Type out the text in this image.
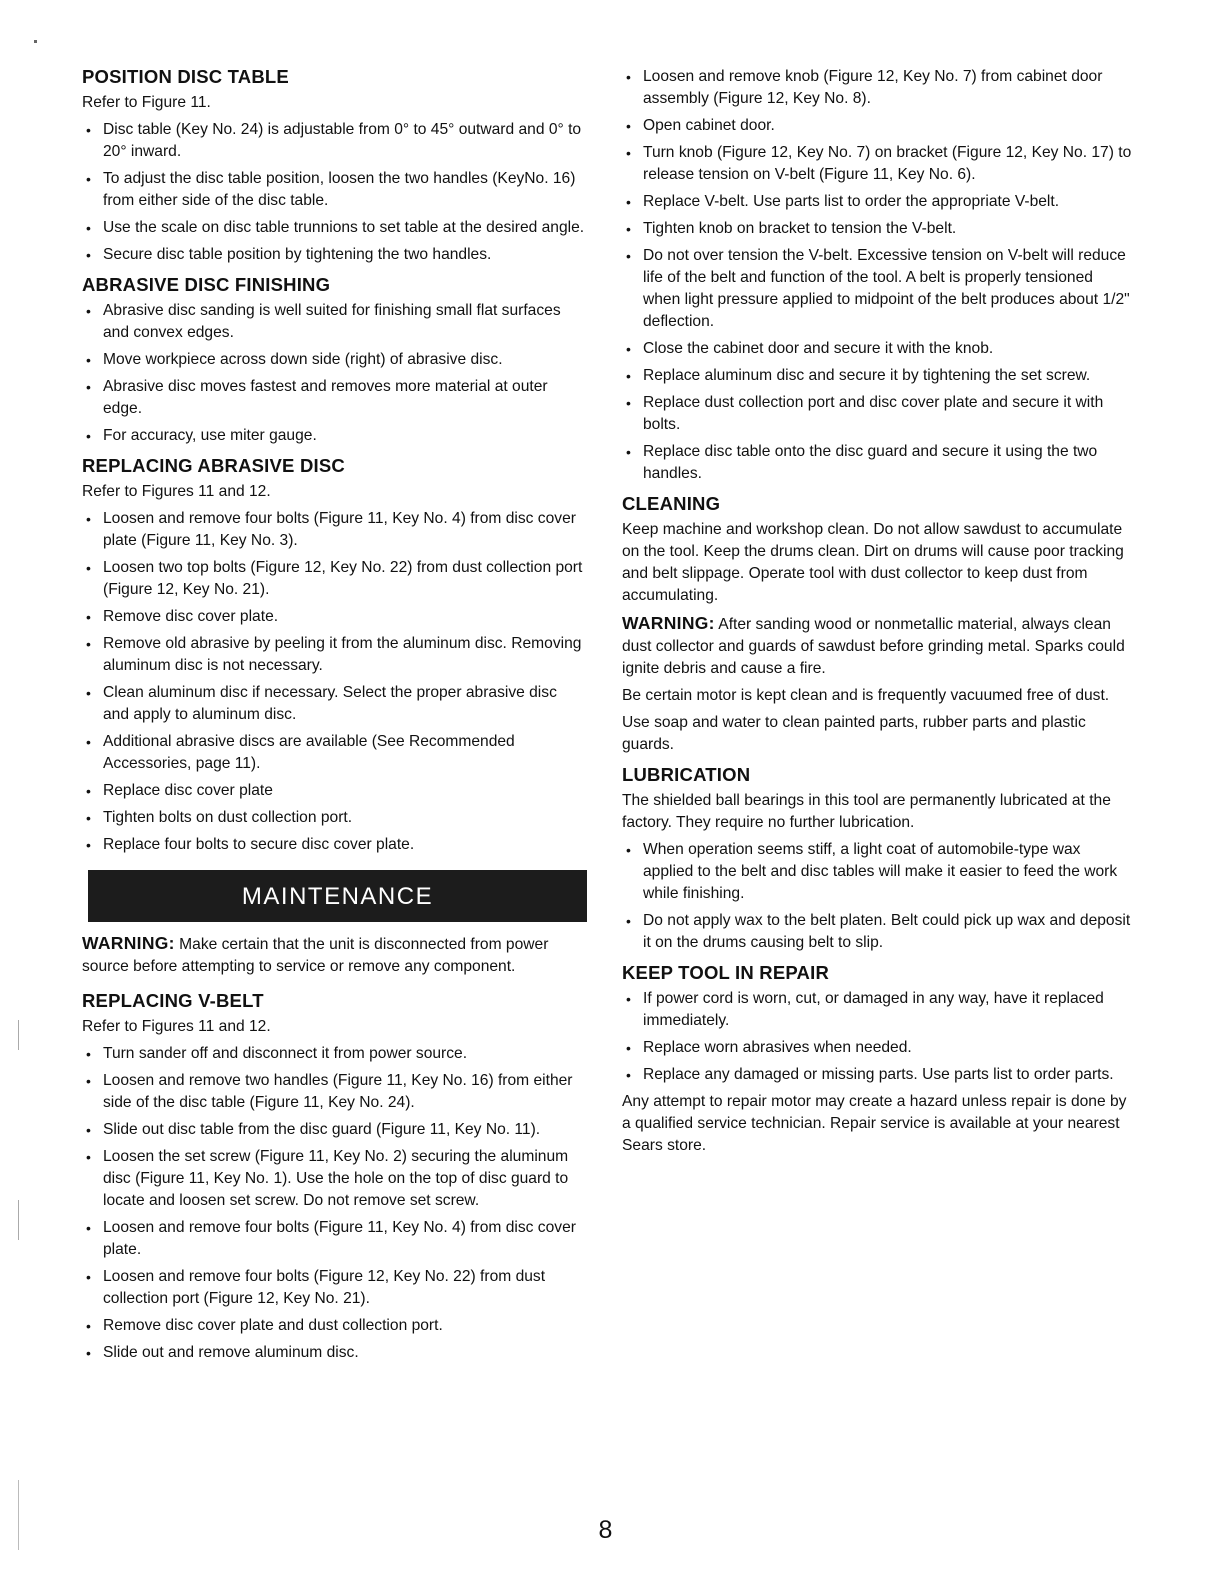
POSITION DISC TABLE

Refer to Figure 11.

• Disc table (Key No. 24) is adjustable from 0° to 45° outward and 0° to 20° inward.
• To adjust the disc table position, loosen the two handles (KeyNo. 16) from either side of the disc table.
• Use the scale on disc table trunnions to set table at the desired angle.
• Secure disc table position by tightening the two handles.
ABRASIVE DISC FINISHING
• Abrasive disc sanding is well suited for finishing small flat surfaces and convex edges.
• Move workpiece across down side (right) of abrasive disc.
• Abrasive disc moves fastest and removes more material at outer edge.
• For accuracy, use miter gauge.
REPLACING ABRASIVE DISC

Refer to Figures 11 and 12.

• Loosen and remove four bolts (Figure 11, Key No. 4) from disc cover plate (Figure 11, Key No. 3).
• Loosen two top bolts (Figure 12, Key No. 22) from dust collection port (Figure 12, Key No. 21).
• Remove disc cover plate.
• Remove old abrasive by peeling it from the aluminum disc. Removing aluminum disc is not necessary.
• Clean aluminum disc if necessary. Select the proper abrasive disc and apply to aluminum disc.
• Additional abrasive discs are available (See Recommended Accessories, page 11).
• Replace disc cover plate
• Tighten bolts on dust collection port.
• Replace four bolts to secure disc cover plate.
MAINTENANCE

WARNING: Make certain that the unit is disconnected from power source before attempting to service or remove any component.

REPLACING V-BELT

Refer to Figures 11 and 12.

• Turn sander off and disconnect it from power source.
• Loosen and remove two handles (Figure 11, Key No. 16) from either side of the disc table (Figure 11, Key No. 24).
• Slide out disc table from the disc guard (Figure 11, Key No. 11).
• Loosen the set screw (Figure 11, Key No. 2) securing the aluminum disc (Figure 11, Key No. 1). Use the hole on the top of disc guard to locate and loosen set screw. Do not remove set screw.
• Loosen and remove four bolts (Figure 11, Key No. 4) from disc cover plate.
• Loosen and remove four bolts (Figure 12, Key No. 22) from dust collection port (Figure 12, Key No. 21).
• Remove disc cover plate and dust collection port.
• Slide out and remove aluminum disc.
• Loosen and remove knob (Figure 12, Key No. 7) from cabinet door assembly (Figure 12, Key No. 8).
• Open cabinet door.
• Turn knob (Figure 12, Key No. 7) on bracket (Figure 12, Key No. 17) to release tension on V-belt (Figure 11, Key No. 6).
• Replace V-belt. Use parts list to order the appropriate V-belt.
• Tighten knob on bracket to tension the V-belt.
• Do not over tension the V-belt. Excessive tension on V-belt will reduce life of the belt and function of the tool. A belt is properly tensioned when light pressure applied to midpoint of the belt produces about 1/2" deflection.
• Close the cabinet door and secure it with the knob.
• Replace aluminum disc and secure it by tightening the set screw.
• Replace dust collection port and disc cover plate and secure it with bolts.
• Replace disc table onto the disc guard and secure it using the two handles.
CLEANING

Keep machine and workshop clean. Do not allow sawdust to accumulate on the tool. Keep the drums clean. Dirt on drums will cause poor tracking and belt slippage. Operate tool with dust collector to keep dust from accumulating.

WARNING: After sanding wood or nonmetallic material, always clean dust collector and guards of sawdust before grinding metal. Sparks could ignite debris and cause a fire.

Be certain motor is kept clean and is frequently vacuumed free of dust.

Use soap and water to clean painted parts, rubber parts and plastic guards.

LUBRICATION

The shielded ball bearings in this tool are permanently lubricated at the factory. They require no further lubrication.

• When operation seems stiff, a light coat of automobile-type wax applied to the belt and disc tables will make it easier to feed the work while finishing.
• Do not apply wax to the belt platen. Belt could pick up wax and deposit it on the drums causing belt to slip.
KEEP TOOL IN REPAIR
• If power cord is worn, cut, or damaged in any way, have it replaced immediately.
• Replace worn abrasives when needed.
• Replace any damaged or missing parts. Use parts list to order parts.

Any attempt to repair motor may create a hazard unless repair is done by a qualified service technician. Repair service is available at your nearest Sears store.

8
